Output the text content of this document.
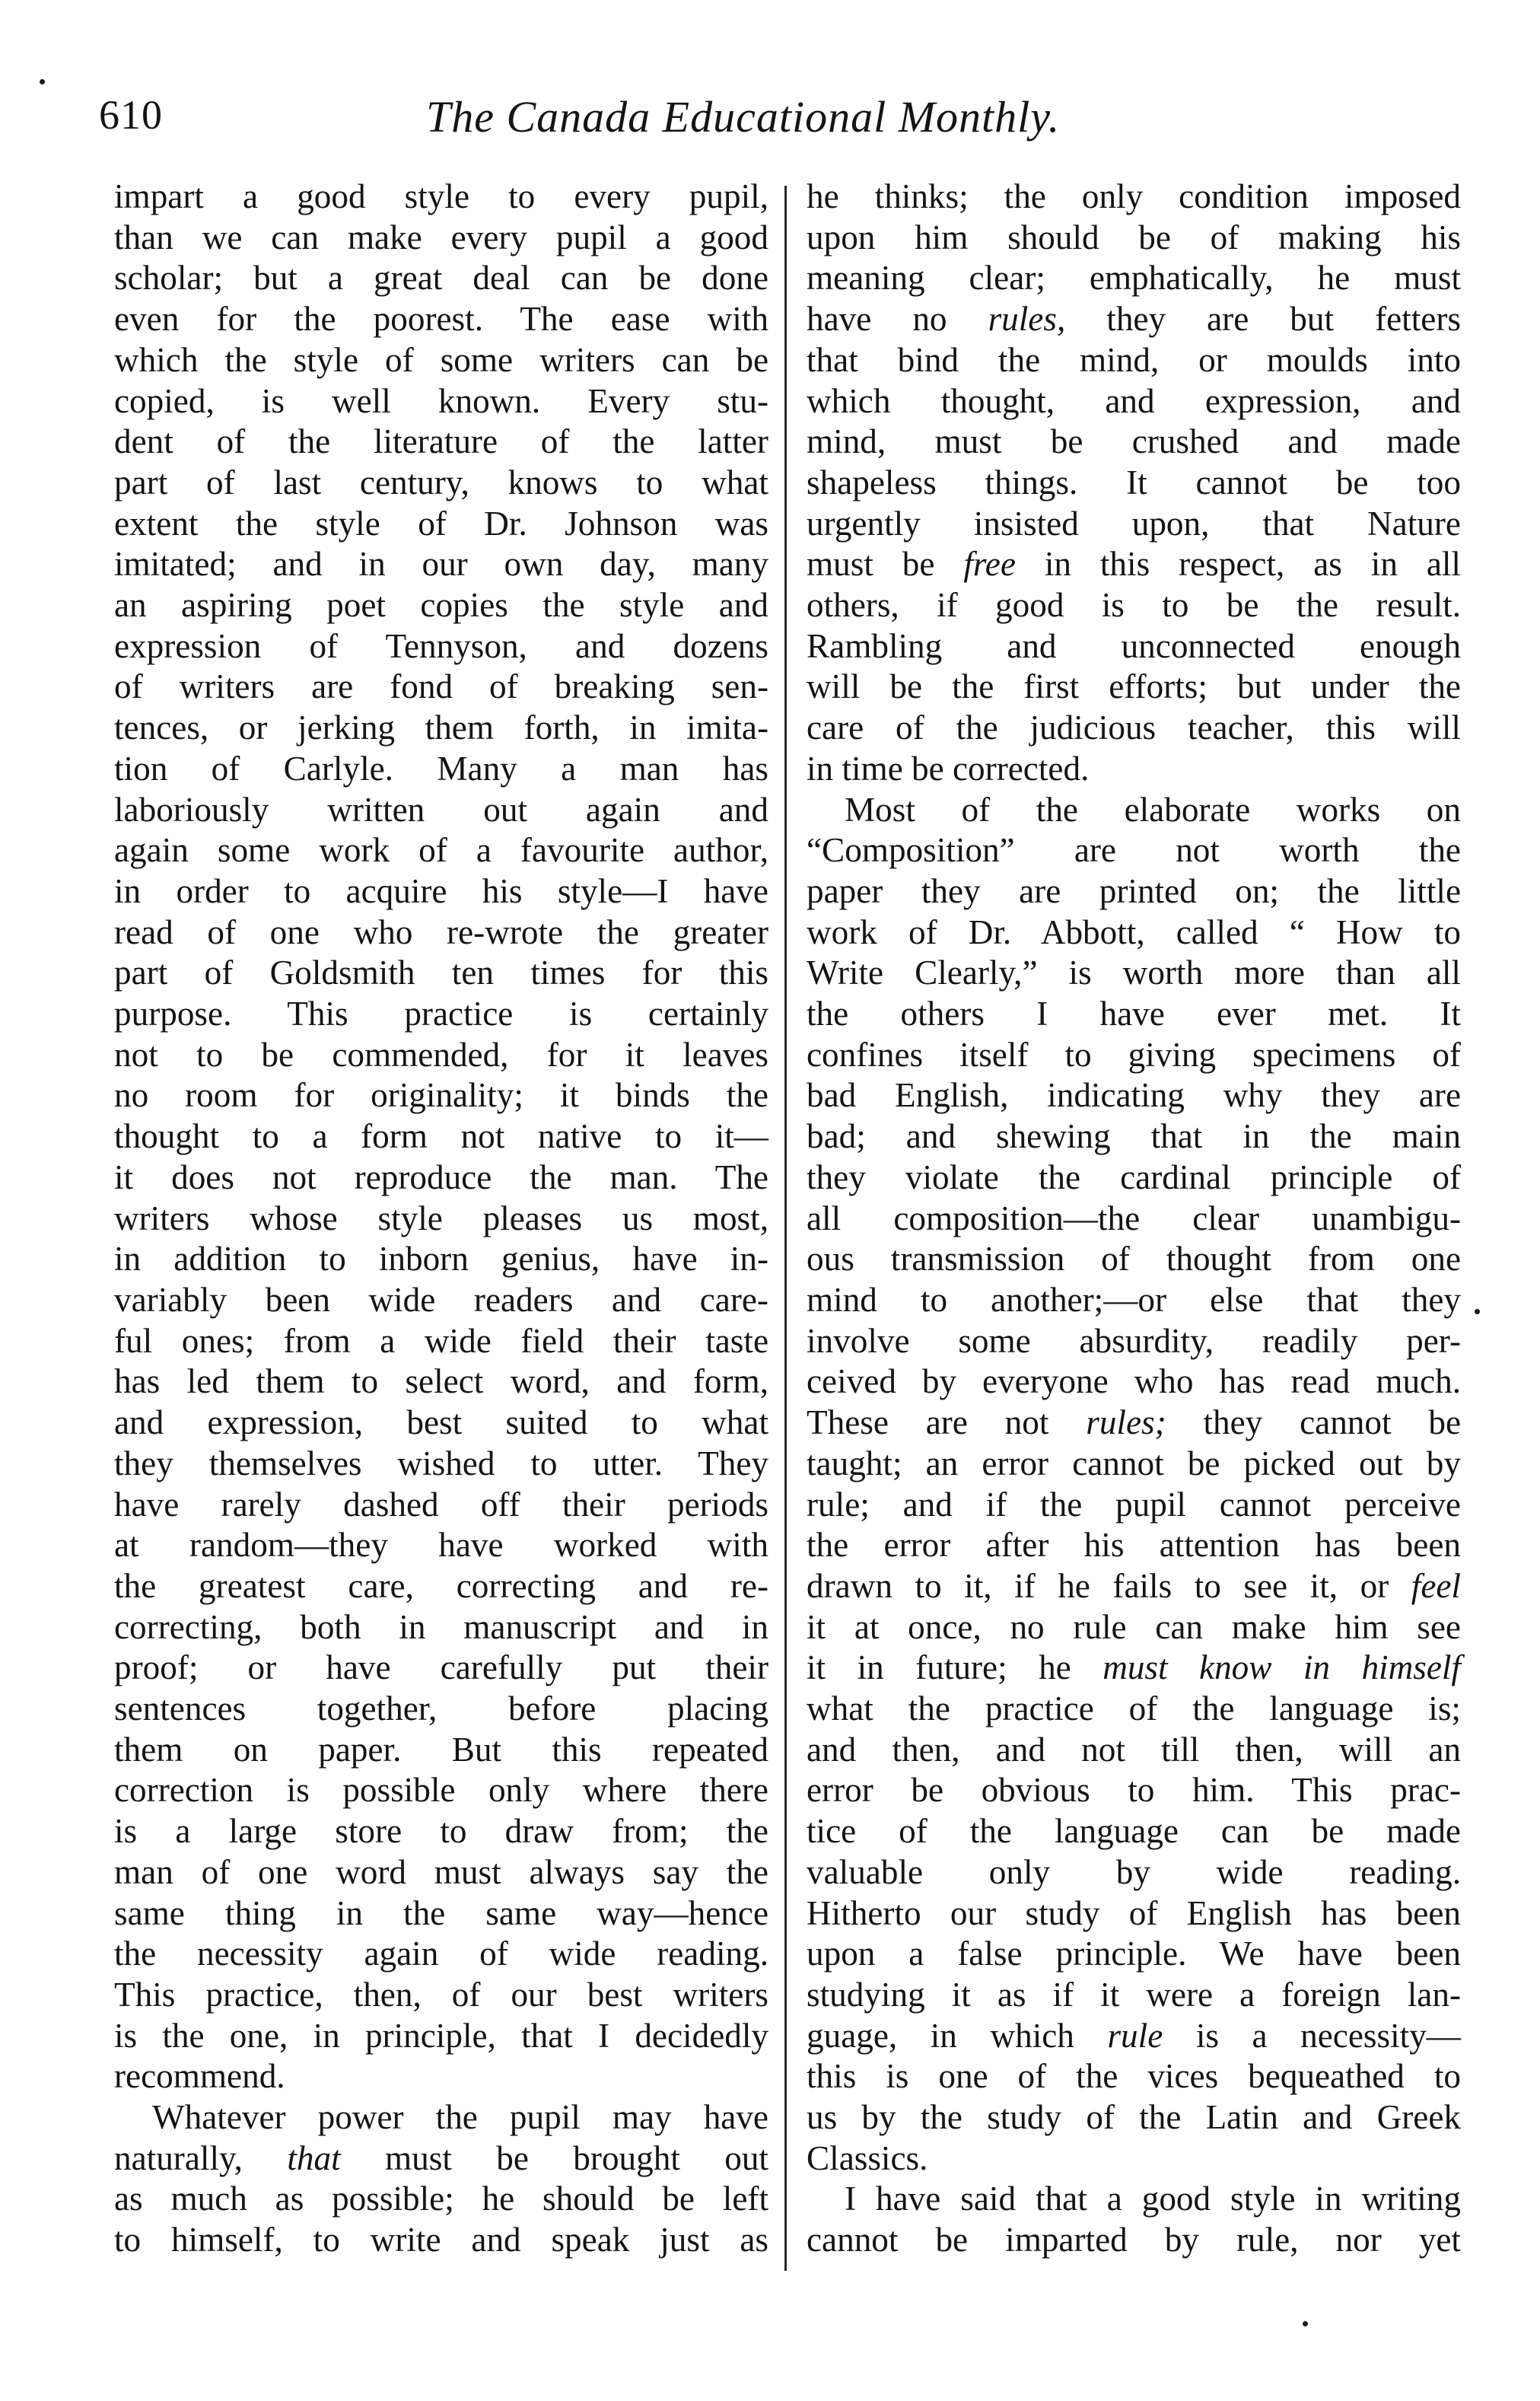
610	The Canada Educational Monthly.
impart a good style to every pupil,
than we can make every pupil a good
scholar; but a great deal can be done
even for the poorest. The ease with
which the style of some writers can be
copied, is well known. Every stu-
dent of the literature of the latter
part of last century, knows to what
extent the style of Dr. Johnson was
imitated; and in our own day, many
an aspiring poet copies the style and
expression of Tennyson, and dozens
of writers are fond of breaking sen-
tences, or jerking them forth, in imita-
tion of Carlyle. Many a man has
laboriously written out again and
again some work of a favourite author,
in order to acquire his style—I have
read of one who re-wrote the greater
part of Goldsmith ten times for this
purpose. This practice is certainly
not to be commended, for it leaves
no room for originality; it binds the
thought to a form not native to it—
it does not reproduce the man. The
writers whose style pleases us most,
in addition to inborn genius, have in-
variably been wide readers and care-
ful ones; from a wide field their taste
has led them to select word, and form,
and expression, best suited to what
they themselves wished to utter. They
have rarely dashed off their periods
at random—they have worked with
the greatest care, correcting and re-
correcting, both in manuscript and in
proof; or have carefully put their
sentences together, before placing
them on paper. But this repeated
correction is possible only where there
is a large store to draw from; the
man of one word must always say the
same thing in the same way—hence
the necessity again of wide reading.
This practice, then, of our best writers
is the one, in principle, that I decidedly
recommend.
Whatever power the pupil may have
naturally, that must be brought out
as much as possible; he should be left
to himself, to write and speak just as
he thinks; the only condition imposed
upon him should be of making his
meaning clear; emphatically, he must
have no rules, they are but fetters
that bind the mind, or moulds into
which thought, and expression, and
mind, must be crushed and made
shapeless things. It cannot be too
urgently insisted upon, that Nature
must be free in this respect, as in all
others, if good is to be the result.
Rambling and unconnected enough
will be the first efforts; but under the
care of the judicious teacher, this will
in time be corrected.
Most of the elaborate works on
“Composition” are not worth the
paper they are printed on; the little
work of Dr. Abbott, called “ How to
Write Clearly,” is worth more than all
the others I have ever met. It
confines itself to giving specimens of
bad English, indicating why they are
bad; and shewing that in the main
they violate the cardinal principle of
all composition—the clear unambigu-
ous transmission of thought from one
mind to another;—or else that they
involve some absurdity, readily per-
ceived by everyone who has read much.
These are not rules; they cannot be
taught; an error cannot be picked out by
rule; and if the pupil cannot perceive
the error after his attention has been
drawn to it, if he fails to see it, or feel
it at once, no rule can make him see
it in future; he must know in himself
what the practice of the language is;
and then, and not till then, will an
error be obvious to him. This prac-
tice of the language can be made
valuable only by wide reading.
Hitherto our study of English has been
upon a false principle. We have been
studying it as if it were a foreign lan-
guage, in which rule is a necessity—
this is one of the vices bequeathed to
us by the study of the Latin and Greek
Classics.
I have said that a good style in writing
cannot be imparted by rule, nor yet
